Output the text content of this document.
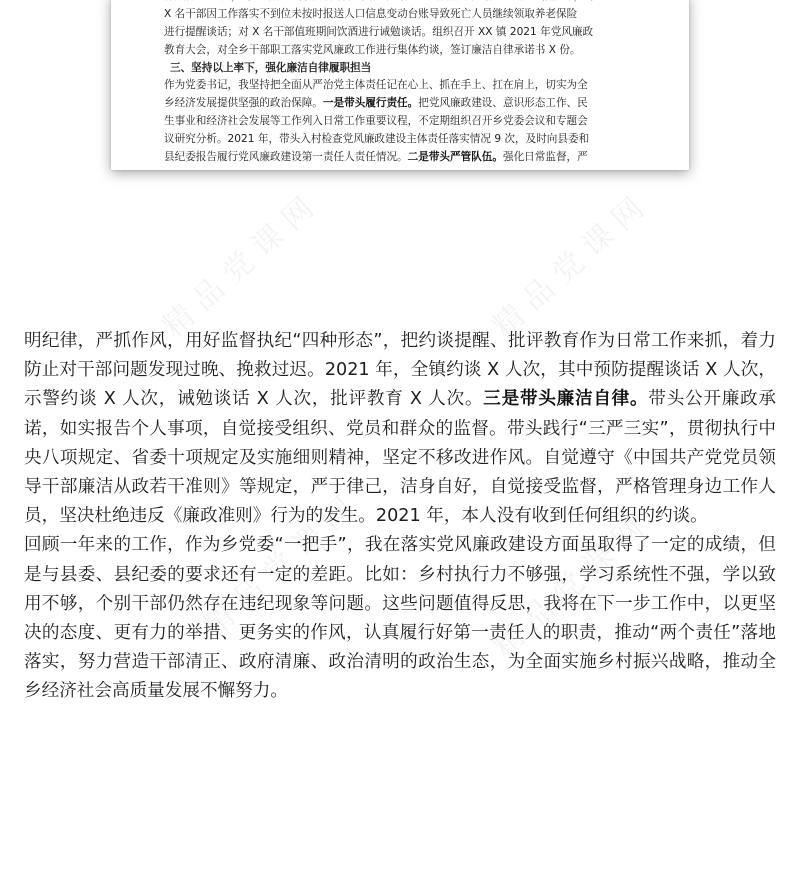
精品党课网	精品党课网
精品党课网	精品党课网
X 名干部因工作落实不到位未按时报送人口信息变动台账导致死亡人员继续领取养老保险
进行提醒谈话；对 X 名干部值班期间饮酒进行诫勉谈话。组织召开 XX 镇 2021 年党风廉政
教育大会，对全乡干部职工落实党风廉政工作进行集体约谈，签订廉洁自律承诺书 X 份。
三、坚持以上率下，强化廉洁自律履职担当
作为党委书记，我坚持把全面从严治党主体责任记在心上、抓在手上、扛在肩上，切实为全
乡经济发展提供坚强的政治保障。一是带头履行责任。把党风廉政建设、意识形态工作、民
生事业和经济社会发展等工作列入日常工作重要议程，不定期组织召开乡党委会议和专题会
议研究分析。2021 年，带头入村检查党风廉政建设主体责任落实情况 9 次，及时向县委和
县纪委报告履行党风廉政建设第一责任人责任情况。二是带头严管队伍。强化日常监督，严

明纪律，严抓作风，用好监督执纪“四种形态”，把约谈提醒、批评教育作为日常工作来抓，着力防止对干部问题发现过晚、挽救过迟。2021 年，全镇约谈 X 人次，其中预防提醒谈话 X 人次，示警约谈 X 人次，诫勉谈话 X 人次，批评教育 X 人次。三是带头廉洁自律。带头公开廉政承诺，如实报告个人事项，自觉接受组织、党员和群众的监督。带头践行“三严三实”，贯彻执行中央八项规定、省委十项规定及实施细则精神，坚定不移改进作风。自觉遵守《中国共产党党员领导干部廉洁从政若干准则》等规定，严于律己，洁身自好，自觉接受监督，严格管理身边工作人员，坚决杜绝违反《廉政准则》行为的发生。2021 年，本人没有收到任何组织的约谈。

回顾一年来的工作，作为乡党委“一把手”，我在落实党风廉政建设方面虽取得了一定的成绩，但是与县委、县纪委的要求还有一定的差距。比如：乡村执行力不够强，学习系统性不强，学以致用不够，个别干部仍然存在违纪现象等问题。这些问题值得反思，我将在下一步工作中，以更坚决的态度、更有力的举措、更务实的作风，认真履行好第一责任人的职责，推动“两个责任”落地落实，努力营造干部清正、政府清廉、政治清明的政治生态，为全面实施乡村振兴战略，推动全乡经济社会高质量发展不懈努力。
